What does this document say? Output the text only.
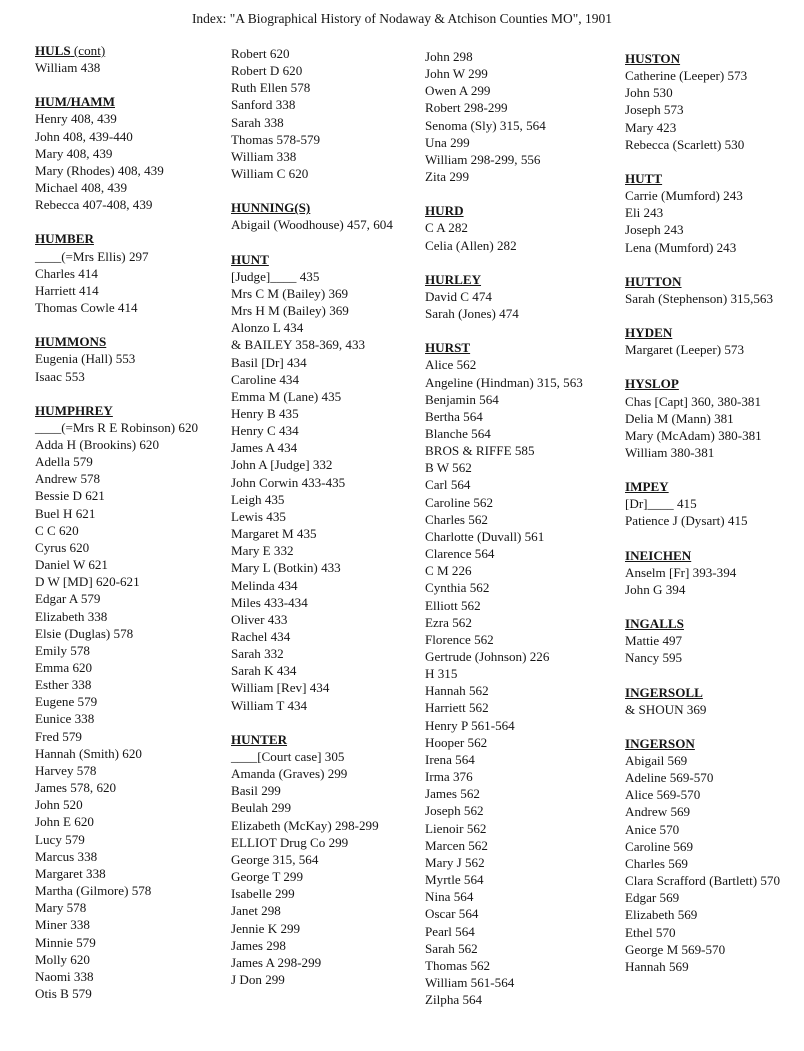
Index: "A Biographical History of Nodaway & Atchison Counties MO", 1901
HULS (cont)
William 438
HUM/HAMM
Henry 408, 439
John 408, 439-440
Mary 408, 439
Mary (Rhodes) 408, 439
Michael 408, 439
Rebecca 407-408, 439
HUMBER
____(=Mrs Ellis) 297
Charles 414
Harriett 414
Thomas Cowle 414
HUMMONS
Eugenia (Hall) 553
Isaac 553
HUMPHREY
____(=Mrs R E Robinson) 620
Adda H (Brookins) 620
Adella 579
Andrew 578
Bessie D 621
Buel H 621
C C 620
Cyrus 620
Daniel W 621
D W [MD] 620-621
Edgar A 579
Elizabeth 338
Elsie (Duglas) 578
Emily 578
Emma 620
Esther 338
Eugene 579
Eunice 338
Fred 579
Hannah (Smith) 620
Harvey 578
James 578, 620
John 520
John E 620
Lucy 579
Marcus 338
Margaret 338
Martha (Gilmore) 578
Mary 578
Miner 338
Minnie 579
Molly 620
Naomi 338
Otis B 579
Robert 620
Robert D 620
Ruth Ellen 578
Sanford 338
Sarah 338
Thomas 578-579
William 338
William C 620
HUNNING(S)
Abigail (Woodhouse) 457, 604
HUNT
[Judge]____ 435
Mrs C M (Bailey) 369
Mrs H M (Bailey) 369
Alonzo L 434
& BAILEY 358-369, 433
Basil [Dr] 434
Caroline 434
Emma M (Lane) 435
Henry B 435
Henry C 434
James A 434
John A [Judge] 332
John Corwin 433-435
Leigh 435
Lewis 435
Margaret M 435
Mary E 332
Mary L (Botkin) 433
Melinda 434
Miles 433-434
Oliver 433
Rachel 434
Sarah 332
Sarah K 434
William [Rev] 434
William T 434
HUNTER
____[Court case] 305
Amanda (Graves) 299
Basil 299
Beulah 299
Elizabeth (McKay) 298-299
ELLIOT Drug Co 299
George 315, 564
George T 299
Isabelle 299
Janet 298
Jennie K 299
James 298
James A 298-299
J Don 299
John 298
John W 299
Owen A 299
Robert 298-299
Senoma (Sly) 315, 564
Una 299
William 298-299, 556
Zita 299
HURD
C A 282
Celia (Allen) 282
HURLEY
David C 474
Sarah (Jones) 474
HURST
Alice 562
Angeline (Hindman) 315, 563
Benjamin 564
Bertha 564
Blanche 564
BROS & RIFFE 585
B W 562
Carl 564
Caroline 562
Charles 562
Charlotte (Duvall) 561
Clarence 564
C M 226
Cynthia 562
Elliott 562
Ezra 562
Florence 562
Gertrude (Johnson) 226
H 315
Hannah 562
Harriett 562
Henry P 561-564
Hooper 562
Irena 564
Irma 376
James 562
Joseph 562
Lienoir 562
Marcen 562
Mary J 562
Myrtle 564
Nina 564
Oscar 564
Pearl 564
Sarah 562
Thomas 562
William 561-564
Zilpha 564
HUSTON
Catherine (Leeper) 573
John 530
Joseph 573
Mary 423
Rebecca (Scarlett) 530
HUTT
Carrie (Mumford) 243
Eli 243
Joseph 243
Lena (Mumford) 243
HUTTON
Sarah (Stephenson) 315,563
HYDEN
Margaret (Leeper) 573
HYSLOP
Chas [Capt] 360, 380-381
Delia M (Mann) 381
Mary (McAdam) 380-381
William 380-381
IMPEY
[Dr]____ 415
Patience J (Dysart) 415
INEICHEN
Anselm [Fr] 393-394
John G 394
INGALLS
Mattie 497
Nancy 595
INGERSOLL
& SHOUN 369
INGERSON
Abigail 569
Adeline 569-570
Alice 569-570
Andrew 569
Anice 570
Caroline 569
Charles 569
Clara Scrafford (Bartlett) 570
Edgar 569
Elizabeth 569
Ethel 570
George M 569-570
Hannah 569
